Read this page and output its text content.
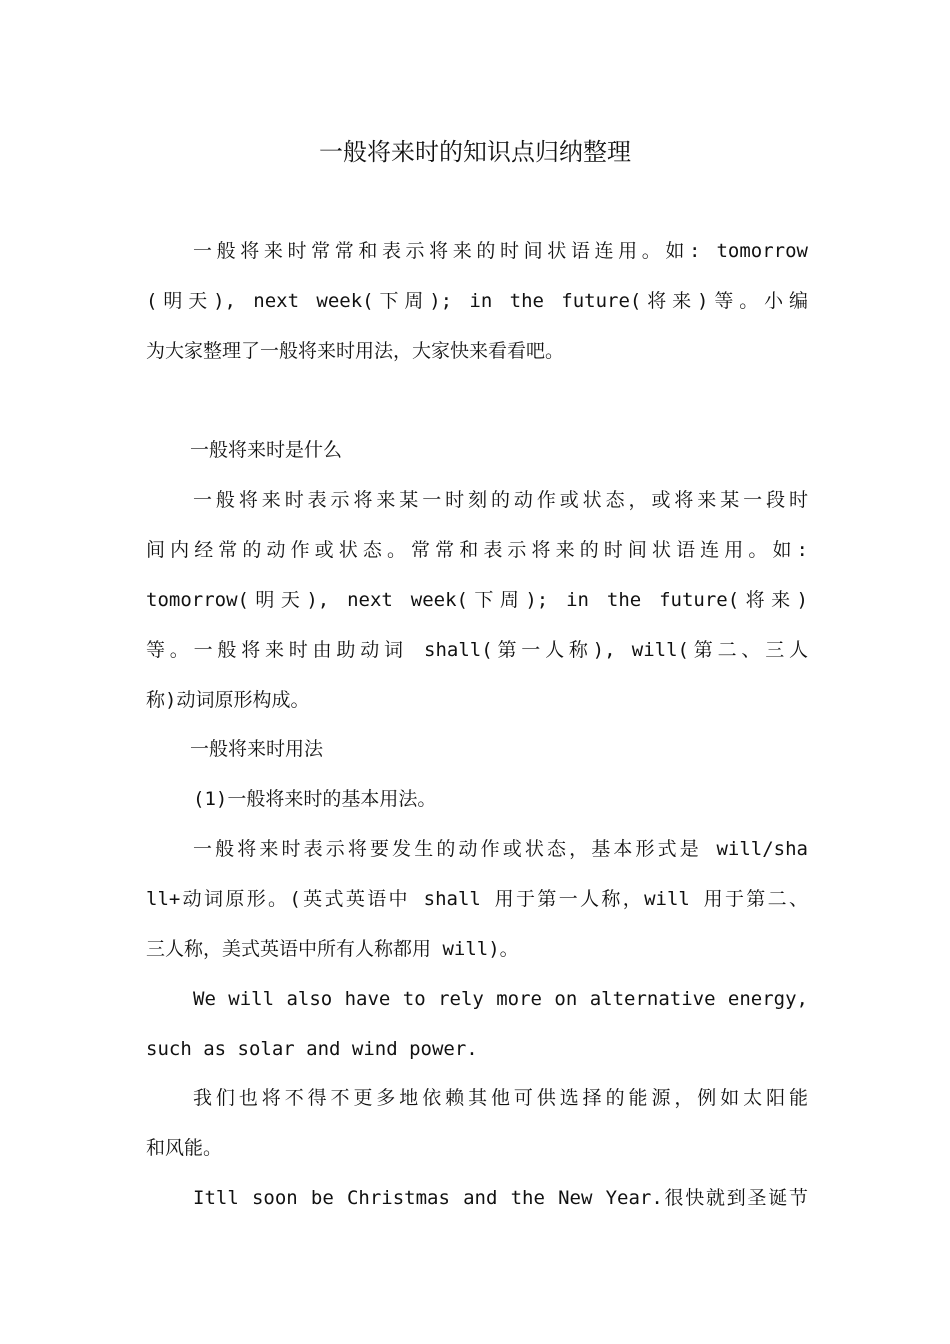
一般将来时的知识点归纳整理
一般将来时常常和表示将来的时间状语连用。如: tomorrow
(明天), next week(下周); in the future(将来)等。小编
为大家整理了一般将来时用法，大家快来看看吧。
一般将来时是什么
一般将来时表示将来某一时刻的动作或状态，或将来某一段时
间内经常的动作或状态。常常和表示将来的时间状语连用。如:
tomorrow(明天), next week(下周); in the future(将来)
等。一般将来时由助动词 shall(第一人称), will(第二、三人
称)动词原形构成。
一般将来时用法
(1)一般将来时的基本用法。
一般将来时表示将要发生的动作或状态，基本形式是 will/sha
ll+动词原形。(英式英语中 shall 用于第一人称，will 用于第二、
三人称，美式英语中所有人称都用 will)。
We will also have to rely more on alternative energy,
such as solar and wind power.
我们也将不得不更多地依赖其他可供选择的能源，例如太阳能
和风能。
Itll soon be Christmas and the New Year.很快就到圣诞节
